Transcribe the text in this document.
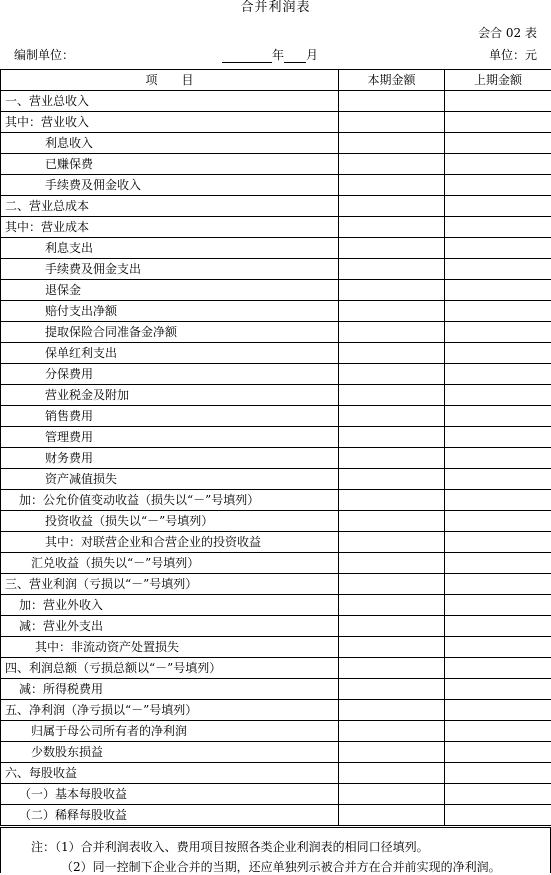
合并利润表
会合 02 表
编制单位：	年 月	单位：元
项　　目	本期金额	上期金额
一、营业总收入		
其中：营业收入		
利息收入		
已赚保费		
手续费及佣金收入		
二、营业总成本		
其中：营业成本		
利息支出		
手续费及佣金支出		
退保金		
赔付支出净额		
提取保险合同准备金净额		
保单红利支出		
分保费用		
营业税金及附加		
销售费用		
管理费用		
财务费用		
资产减值损失		
加：公允价值变动收益（损失以“－”号填列）		
投资收益（损失以“－”号填列）		
其中：对联营企业和合营企业的投资收益		
汇兑收益（损失以“－”号填列）		
三、营业利润（亏损以“－”号填列）		
加：营业外收入		
减：营业外支出		
其中：非流动资产处置损失		
四、利润总额（亏损总额以“－”号填列）		
减：所得税费用		
五、净利润（净亏损以“－”号填列）		
归属于母公司所有者的净利润		
少数股东损益		
六、每股收益		
（一）基本每股收益		
（二）稀释每股收益		
注：（1）合并利润表收入、费用项目按照各类企业利润表的相同口径填列。
（2）同一控制下企业合并的当期，还应单独列示被合并方在合并前实现的净利润。
